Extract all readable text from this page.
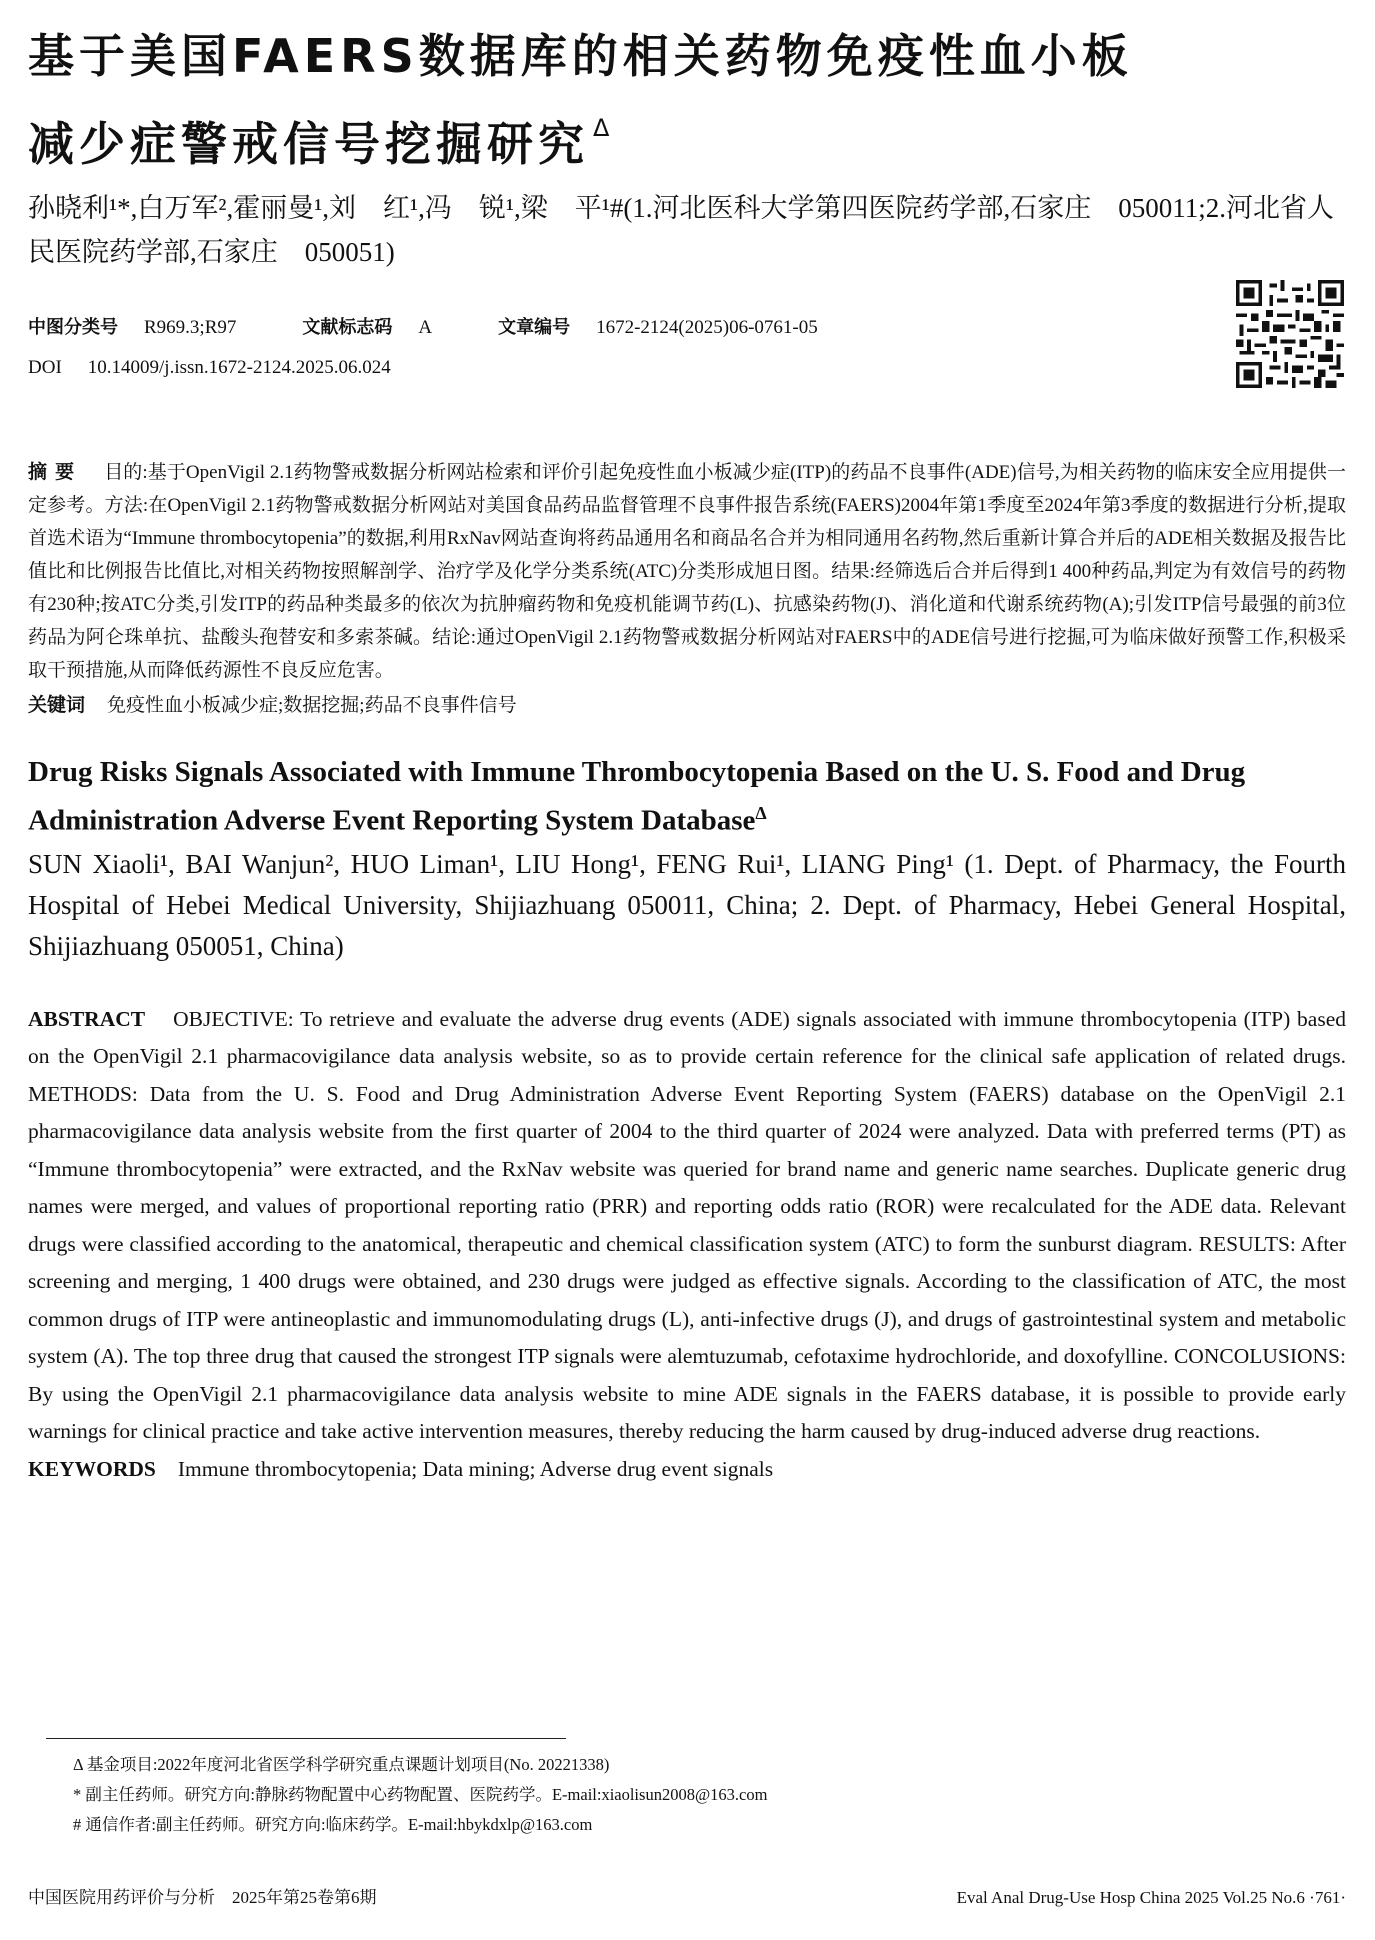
基于美国FAERS数据库的相关药物免疫性血小板
减少症警戒信号挖掘研究 $^\Delta$
孙晓利¹*,白万军²,霍丽曼¹,刘　红¹,冯　锐¹,梁　平¹#(1.河北医科大学第四医院药学部,石家庄　050011;2.河北省人民医院药学部,石家庄　050051)
中图分类号 R969.3;R97	文献标志码 A	文章编号 1672-2124(2025)06-0761-05
DOI 10.14009/j.issn.1672-2124.2025.06.024
摘要 目的:基于OpenVigil 2.1药物警戒数据分析网站检索和评价引起免疫性血小板减少症(ITP)的药品不良事件(ADE)信号,为相关药物的临床安全应用提供一定参考。方法:在OpenVigil 2.1药物警戒数据分析网站对美国食品药品监督管理不良事件报告系统(FAERS)2004年第1季度至2024年第3季度的数据进行分析,提取首选术语为“Immune thrombocytopenia”的数据,利用RxNav网站查询将药品通用名和商品名合并为相同通用名药物,然后重新计算合并后的ADE相关数据及报告比值比和比例报告比值比,对相关药物按照解剖学、治疗学及化学分类系统(ATC)分类形成旭日图。结果:经筛选后合并后得到1 400种药品,判定为有效信号的药物有230种;按ATC分类,引发ITP的药品种类最多的依次为抗肿瘤药物和免疫机能调节药(L)、抗感染药物(J)、消化道和代谢系统药物(A);引发ITP信号最强的前3位药品为阿仑珠单抗、盐酸头孢替安和多索茶碱。结论:通过OpenVigil 2.1药物警戒数据分析网站对FAERS中的ADE信号进行挖掘,可为临床做好预警工作,积极采取干预措施,从而降低药源性不良反应危害。
关键词 免疫性血小板减少症;数据挖掘;药品不良事件信号
Drug Risks Signals Associated with Immune Thrombocytopenia Based on the U. S. Food and Drug Administration Adverse Event Reporting System Database$^\Delta$
SUN Xiaoli¹, BAI Wanjun², HUO Liman¹, LIU Hong¹, FENG Rui¹, LIANG Ping¹ (1. Dept. of Pharmacy, the Fourth Hospital of Hebei Medical University, Shijiazhuang 050011, China; 2. Dept. of Pharmacy, Hebei General Hospital, Shijiazhuang 050051, China)
ABSTRACT OBJECTIVE: To retrieve and evaluate the adverse drug events (ADE) signals associated with immune thrombocytopenia (ITP) based on the OpenVigil 2.1 pharmacovigilance data analysis website, so as to provide certain reference for the clinical safe application of related drugs. METHODS: Data from the U. S. Food and Drug Administration Adverse Event Reporting System (FAERS) database on the OpenVigil 2.1 pharmacovigilance data analysis website from the first quarter of 2004 to the third quarter of 2024 were analyzed. Data with preferred terms (PT) as “Immune thrombocytopenia” were extracted, and the RxNav website was queried for brand name and generic name searches. Duplicate generic drug names were merged, and values of proportional reporting ratio (PRR) and reporting odds ratio (ROR) were recalculated for the ADE data. Relevant drugs were classified according to the anatomical, therapeutic and chemical classification system (ATC) to form the sunburst diagram. RESULTS: After screening and merging, 1 400 drugs were obtained, and 230 drugs were judged as effective signals. According to the classification of ATC, the most common drugs of ITP were antineoplastic and immunomodulating drugs (L), anti-infective drugs (J), and drugs of gastrointestinal system and metabolic system (A). The top three drug that caused the strongest ITP signals were alemtuzumab, cefotaxime hydrochloride, and doxofylline. CONCOLUSIONS: By using the OpenVigil 2.1 pharmacovigilance data analysis website to mine ADE signals in the FAERS database, it is possible to provide early warnings for clinical practice and take active intervention measures, thereby reducing the harm caused by drug-induced adverse drug reactions.
KEYWORDS Immune thrombocytopenia; Data mining; Adverse drug event signals
Δ 基金项目:2022年度河北省医学科学研究重点课题计划项目(No. 20221338)
* 副主任药师。研究方向:静脉药物配置中心药物配置、医院药学。E-mail:xiaolisun2008@163.com
# 通信作者:副主任药师。研究方向:临床药学。E-mail:hbykdxlp@163.com
中国医院用药评价与分析　2025年第25卷第6期	Eval Anal Drug-Use Hosp China 2025 Vol.25 No.6 ·761·
